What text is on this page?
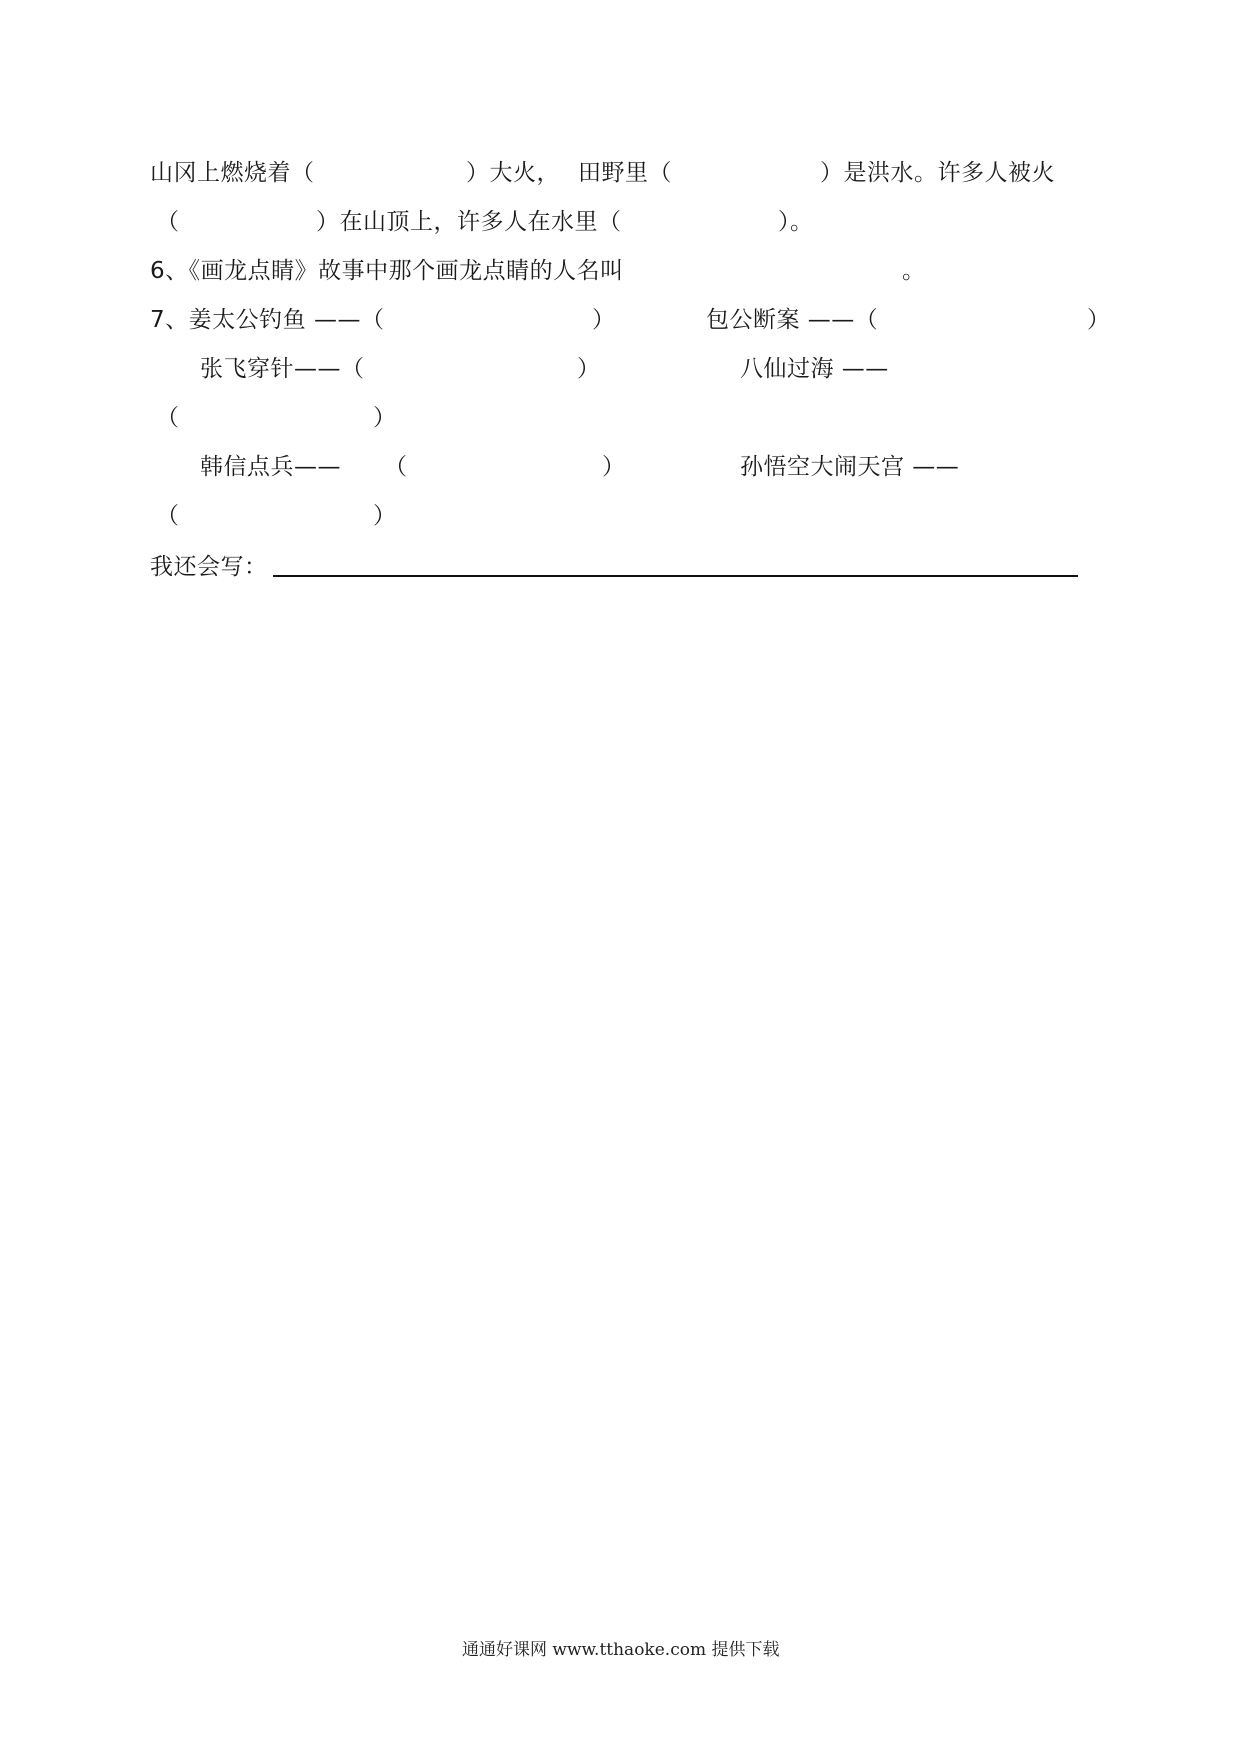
山冈上燃烧着（	）大火， 田野里（	）是洪水。许多人被火
（	）在山顶上，许多人在水里（	）。
6、《画龙点睛》故事中那个画龙点睛的人名叫	。
7、姜太公钓鱼 ——（	）	包公断案 ——（	）
张飞穿针——（	）	八仙过海 ——
（	）
韩信点兵—— （	）	孙悟空大闹天宫 ——
（	）
我还会写：
通通好课网 www.tthaoke.com 提供下载
